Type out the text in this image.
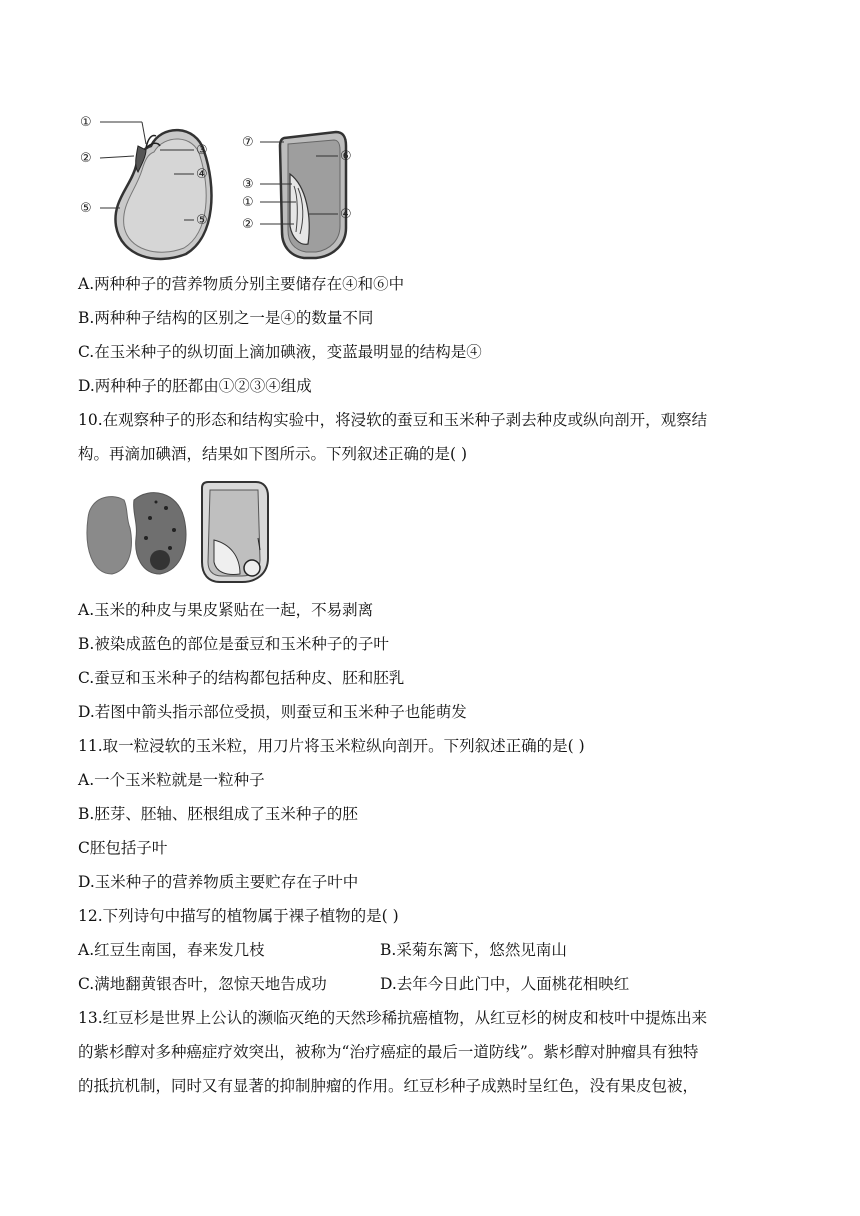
①
②
③
④
⑤
⑤
⑦
⑥
③
①
②
④
A.两种种子的营养物质分别主要储存在④和⑥中
B.两种种子结构的区别之一是④的数量不同
C.在玉米种子的纵切面上滴加碘液，变蓝最明显的结构是④
D.两种种子的胚都由①②③④组成
10.在观察种子的形态和结构实验中，将浸软的蚕豆和玉米种子剥去种皮或纵向剖开，观察结
构。再滴加碘酒，结果如下图所示。下列叙述正确的是( )
A.玉米的种皮与果皮紧贴在一起，不易剥离
B.被染成蓝色的部位是蚕豆和玉米种子的子叶
C.蚕豆和玉米种子的结构都包括种皮、胚和胚乳
D.若图中箭头指示部位受损，则蚕豆和玉米种子也能萌发
11.取一粒浸软的玉米粒，用刀片将玉米粒纵向剖开。下列叙述正确的是( )
A.一个玉米粒就是一粒种子
B.胚芽、胚轴、胚根组成了玉米种子的胚
C胚包括子叶
D.玉米种子的营养物质主要贮存在子叶中
12.下列诗句中描写的植物属于裸子植物的是( )
A.红豆生南国，春来发几枝	B.采菊东篱下，悠然见南山
C.满地翻黄银杏叶，忽惊天地告成功	D.去年今日此门中，人面桃花相映红
13.红豆杉是世界上公认的濒临灭绝的天然珍稀抗癌植物，从红豆杉的树皮和枝叶中提炼出来
的紫杉醇对多种癌症疗效突出，被称为“治疗癌症的最后一道防线”。紫杉醇对肿瘤具有独特
的抵抗机制，同时又有显著的抑制肿瘤的作用。红豆杉种子成熟时呈红色，没有果皮包被，
